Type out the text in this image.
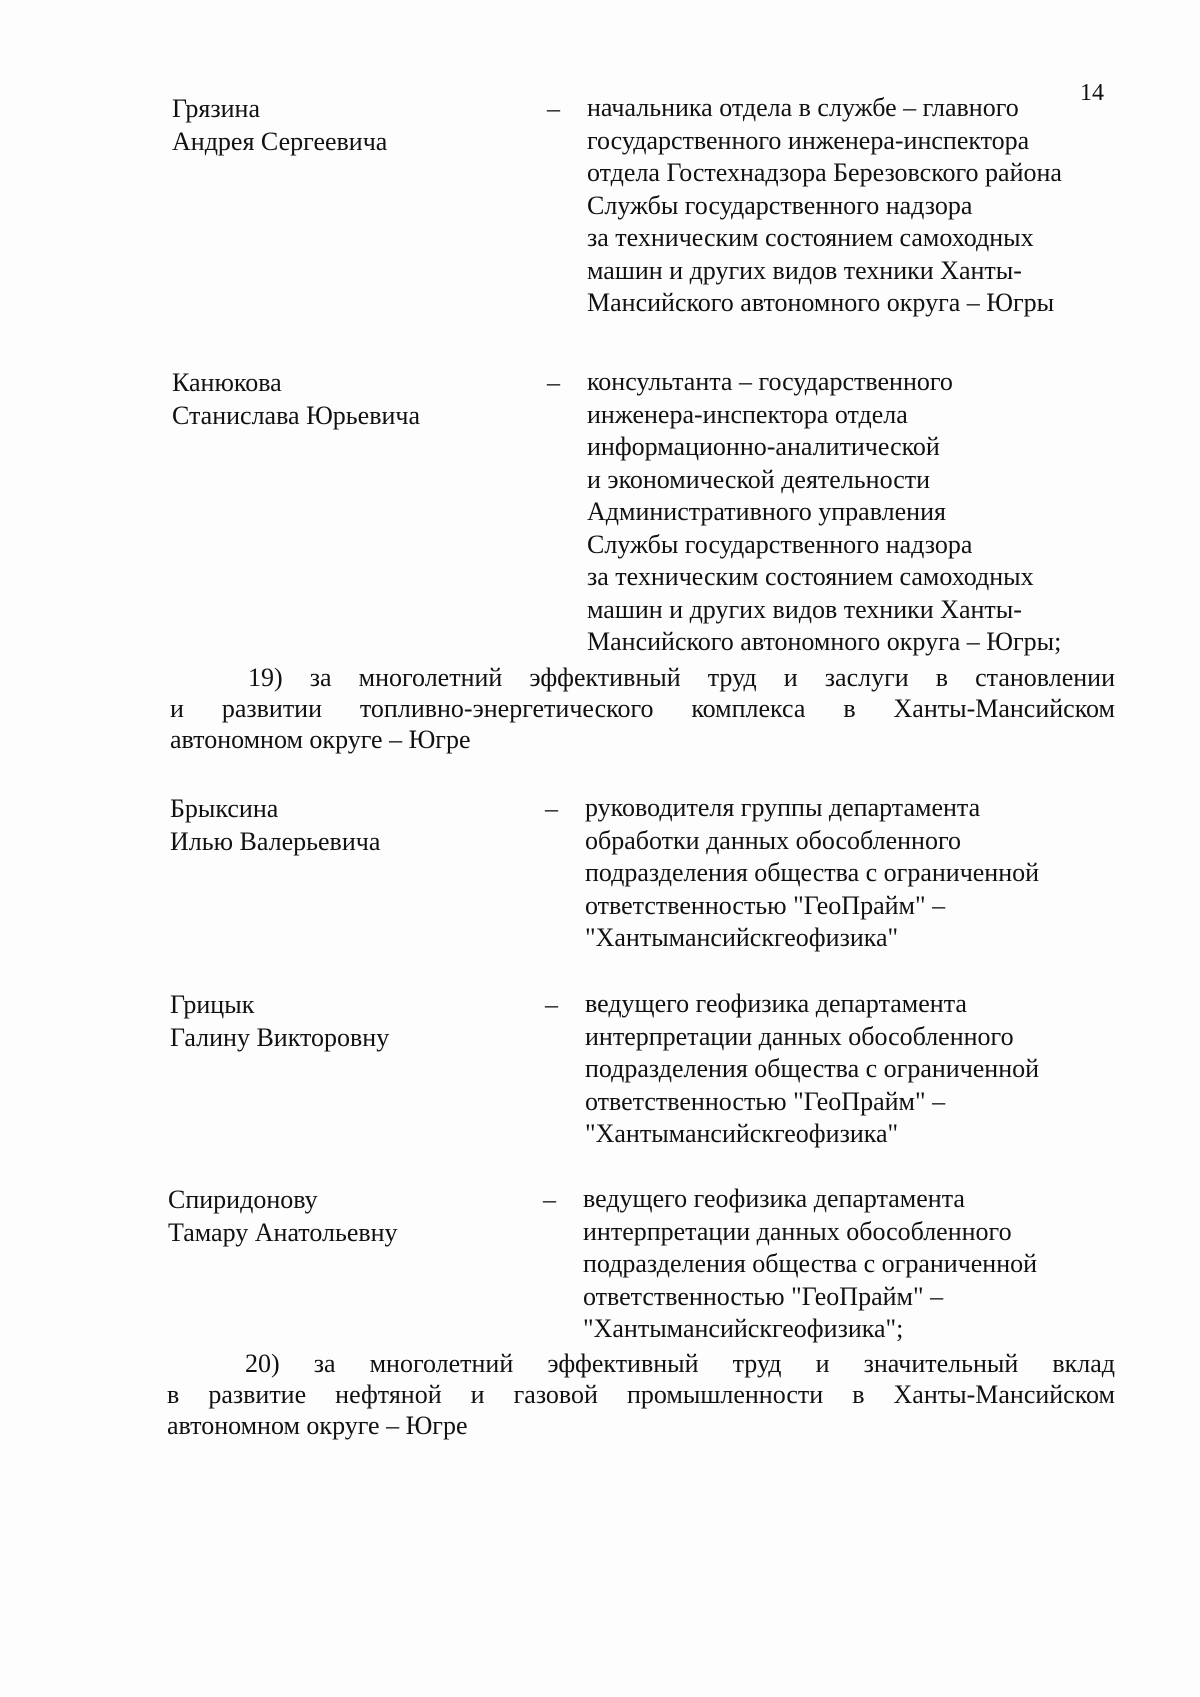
14
Грязина
Андрея Сергеевича
– начальника отдела в службе – главного
государственного инженера-инспектора
отдела Гостехнадзора Березовского района
Службы государственного надзора
за техническим состоянием самоходных
машин и других видов техники Ханты-
Мансийского автономного округа – Югры
Канюкова
Станислава Юрьевича
– консультанта – государственного
инженера-инспектора отдела
информационно-аналитической
и экономической деятельности
Административного управления
Службы государственного надзора
за техническим состоянием самоходных
машин и других видов техники Ханты-
Мансийского автономного округа – Югры;
19) за многолетний эффективный труд и заслуги в становлении
и развитии топливно-энергетического комплекса в Ханты-Мансийском
автономном округе – Югре
Брыксина
Илью Валерьевича
– руководителя группы департамента
обработки данных обособленного
подразделения общества с ограниченной
ответственностью "ГеоПрайм" –
"Хантымансийскгеофизика"
Грицык
Галину Викторовну
– ведущего геофизика департамента
интерпретации данных обособленного
подразделения общества с ограниченной
ответственностью "ГеоПрайм" –
"Хантымансийскгеофизика"
Спиридонову
Тамару Анатольевну
– ведущего геофизика департамента
интерпретации данных обособленного
подразделения общества с ограниченной
ответственностью "ГеоПрайм" –
"Хантымансийскгеофизика";
20) за многолетний эффективный труд и значительный вклад
в развитие нефтяной и газовой промышленности в Ханты-Мансийском
автономном округе – Югре
